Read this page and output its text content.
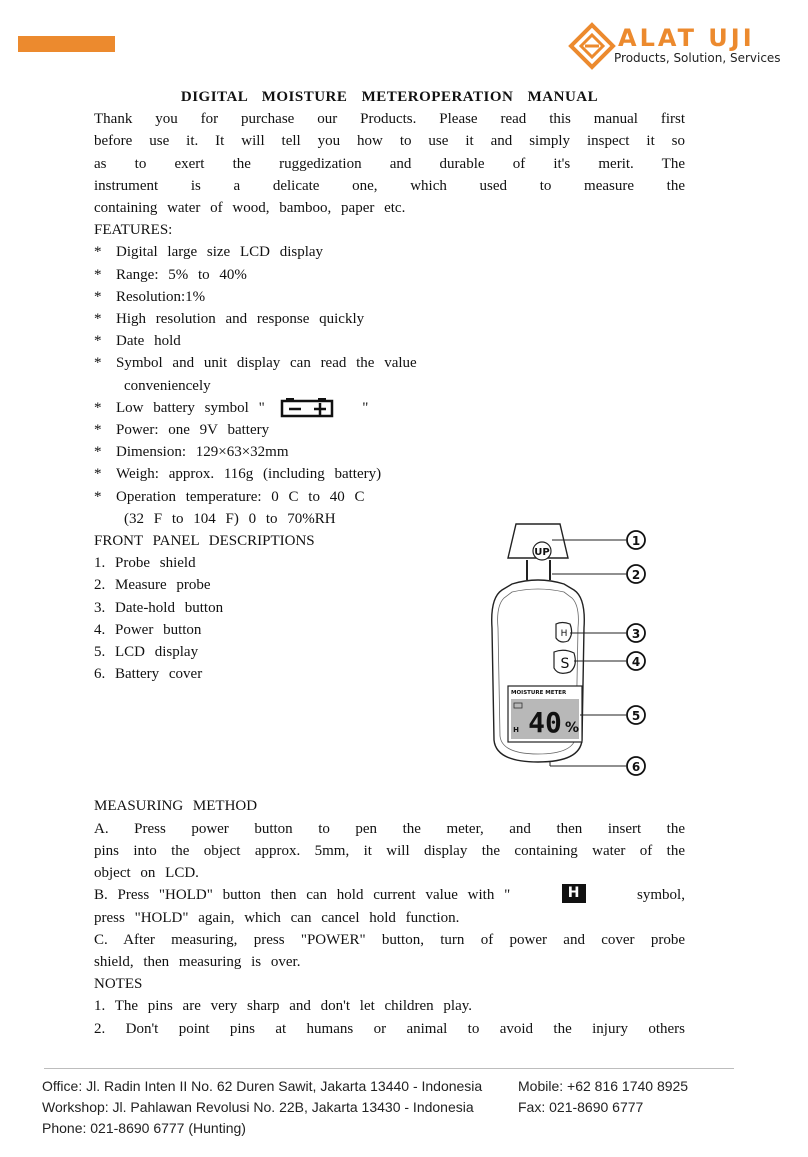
ALAT UJI
Products, Solution, Services
DIGITAL MOISTURE METEROPERATION MANUAL
Thank you for purchase our Products. Please read this manual first
before use it. It will tell you how to use it and simply inspect it so
as to exert the ruggedization and durable of it's merit. The
instrument is a delicate one, which used to measure the
containing water of wood, bamboo, paper etc.
FEATURES:
* Digital large size LCD display
* Range: 5% to 40%
* Resolution:1%
* High resolution and response quickly
* Date hold
* Symbol and unit display can read the value
conveniencely
* Low battery symbol "	"
* Power: one 9V battery
* Dimension: 129×63×32mm
* Weigh: approx. 116g (including battery)
* Operation temperature: 0 C to 40 C
(32 F to 104 F) 0 to 70%RH
FRONT PANEL DESCRIPTIONS
1. Probe shield
2. Measure probe
3. Date-hold button
4. Power button
5. LCD display
6. Battery cover
MEASURING METHOD
A. Press power button to pen the meter, and then insert the
pins into the object approx. 5mm, it will display the containing water of the
object on LCD.
B. Press "HOLD" button then can hold current value with "	H	symbol,
press "HOLD" again, which can cancel hold function.
C. After measuring, press "POWER" button, turn of power and cover probe
shield, then measuring is over.
NOTES
1. The pins are very sharp and don't let children play.
2. Don't point pins at humans or animal to avoid the injury others
UP
H
S
MOISTURE METER
40 %
H
1
2
3
4
5
6
Office: Jl. Radin Inten II No. 62 Duren Sawit, Jakarta 13440 - Indonesia
Workshop: Jl. Pahlawan Revolusi No. 22B, Jakarta 13430 - Indonesia
Phone: 021-8690 6777 (Hunting)
Mobile: +62 816 1740 8925
Fax: 021-8690 6777
